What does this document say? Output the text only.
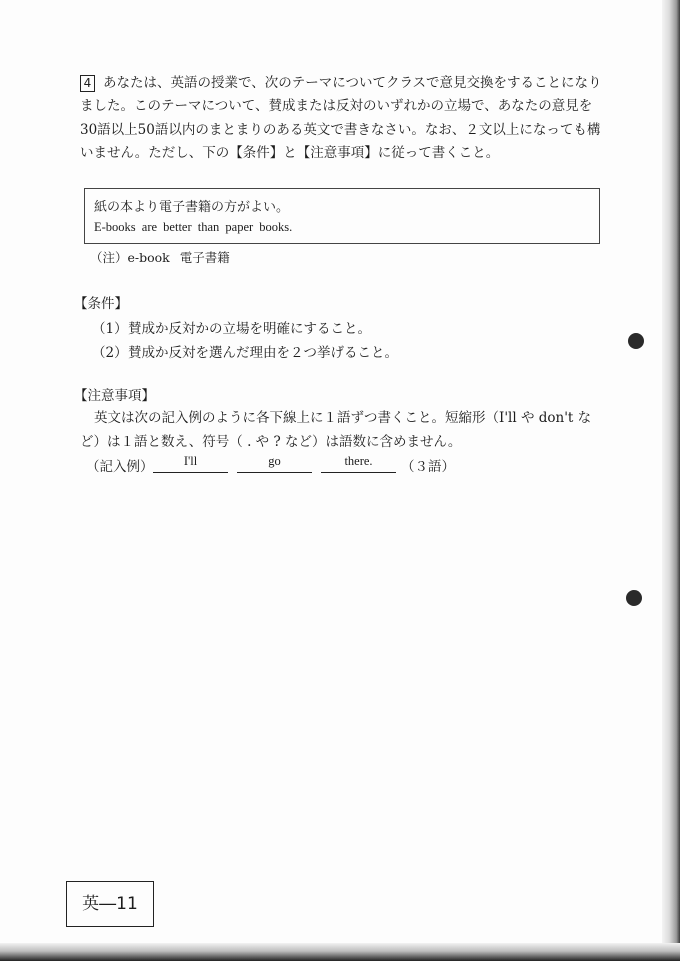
4 あなたは、英語の授業で、次のテーマについてクラスで意見交換をすることになりました。このテーマについて、賛成または反対のいずれかの立場で、あなたの意見を30語以上50語以内のまとまりのある英文で書きなさい。なお、２文以上になっても構いません。ただし、下の【条件】と【注意事項】に従って書くこと。
紙の本より電子書籍の方がよい。
E-books are better than paper books.
（注）e-book 電子書籍
【条件】
（1）賛成か反対かの立場を明確にすること。
（2）賛成か反対を選んだ理由を２つ挙げること。
【注意事項】
英文は次の記入例のように各下線上に１語ずつ書くこと。短縮形（I'll や don't など）は１語と数え、符号（ . や ? など）は語数に含めません。
（記入例）	I'll	go	there.	（３語）
英―11
